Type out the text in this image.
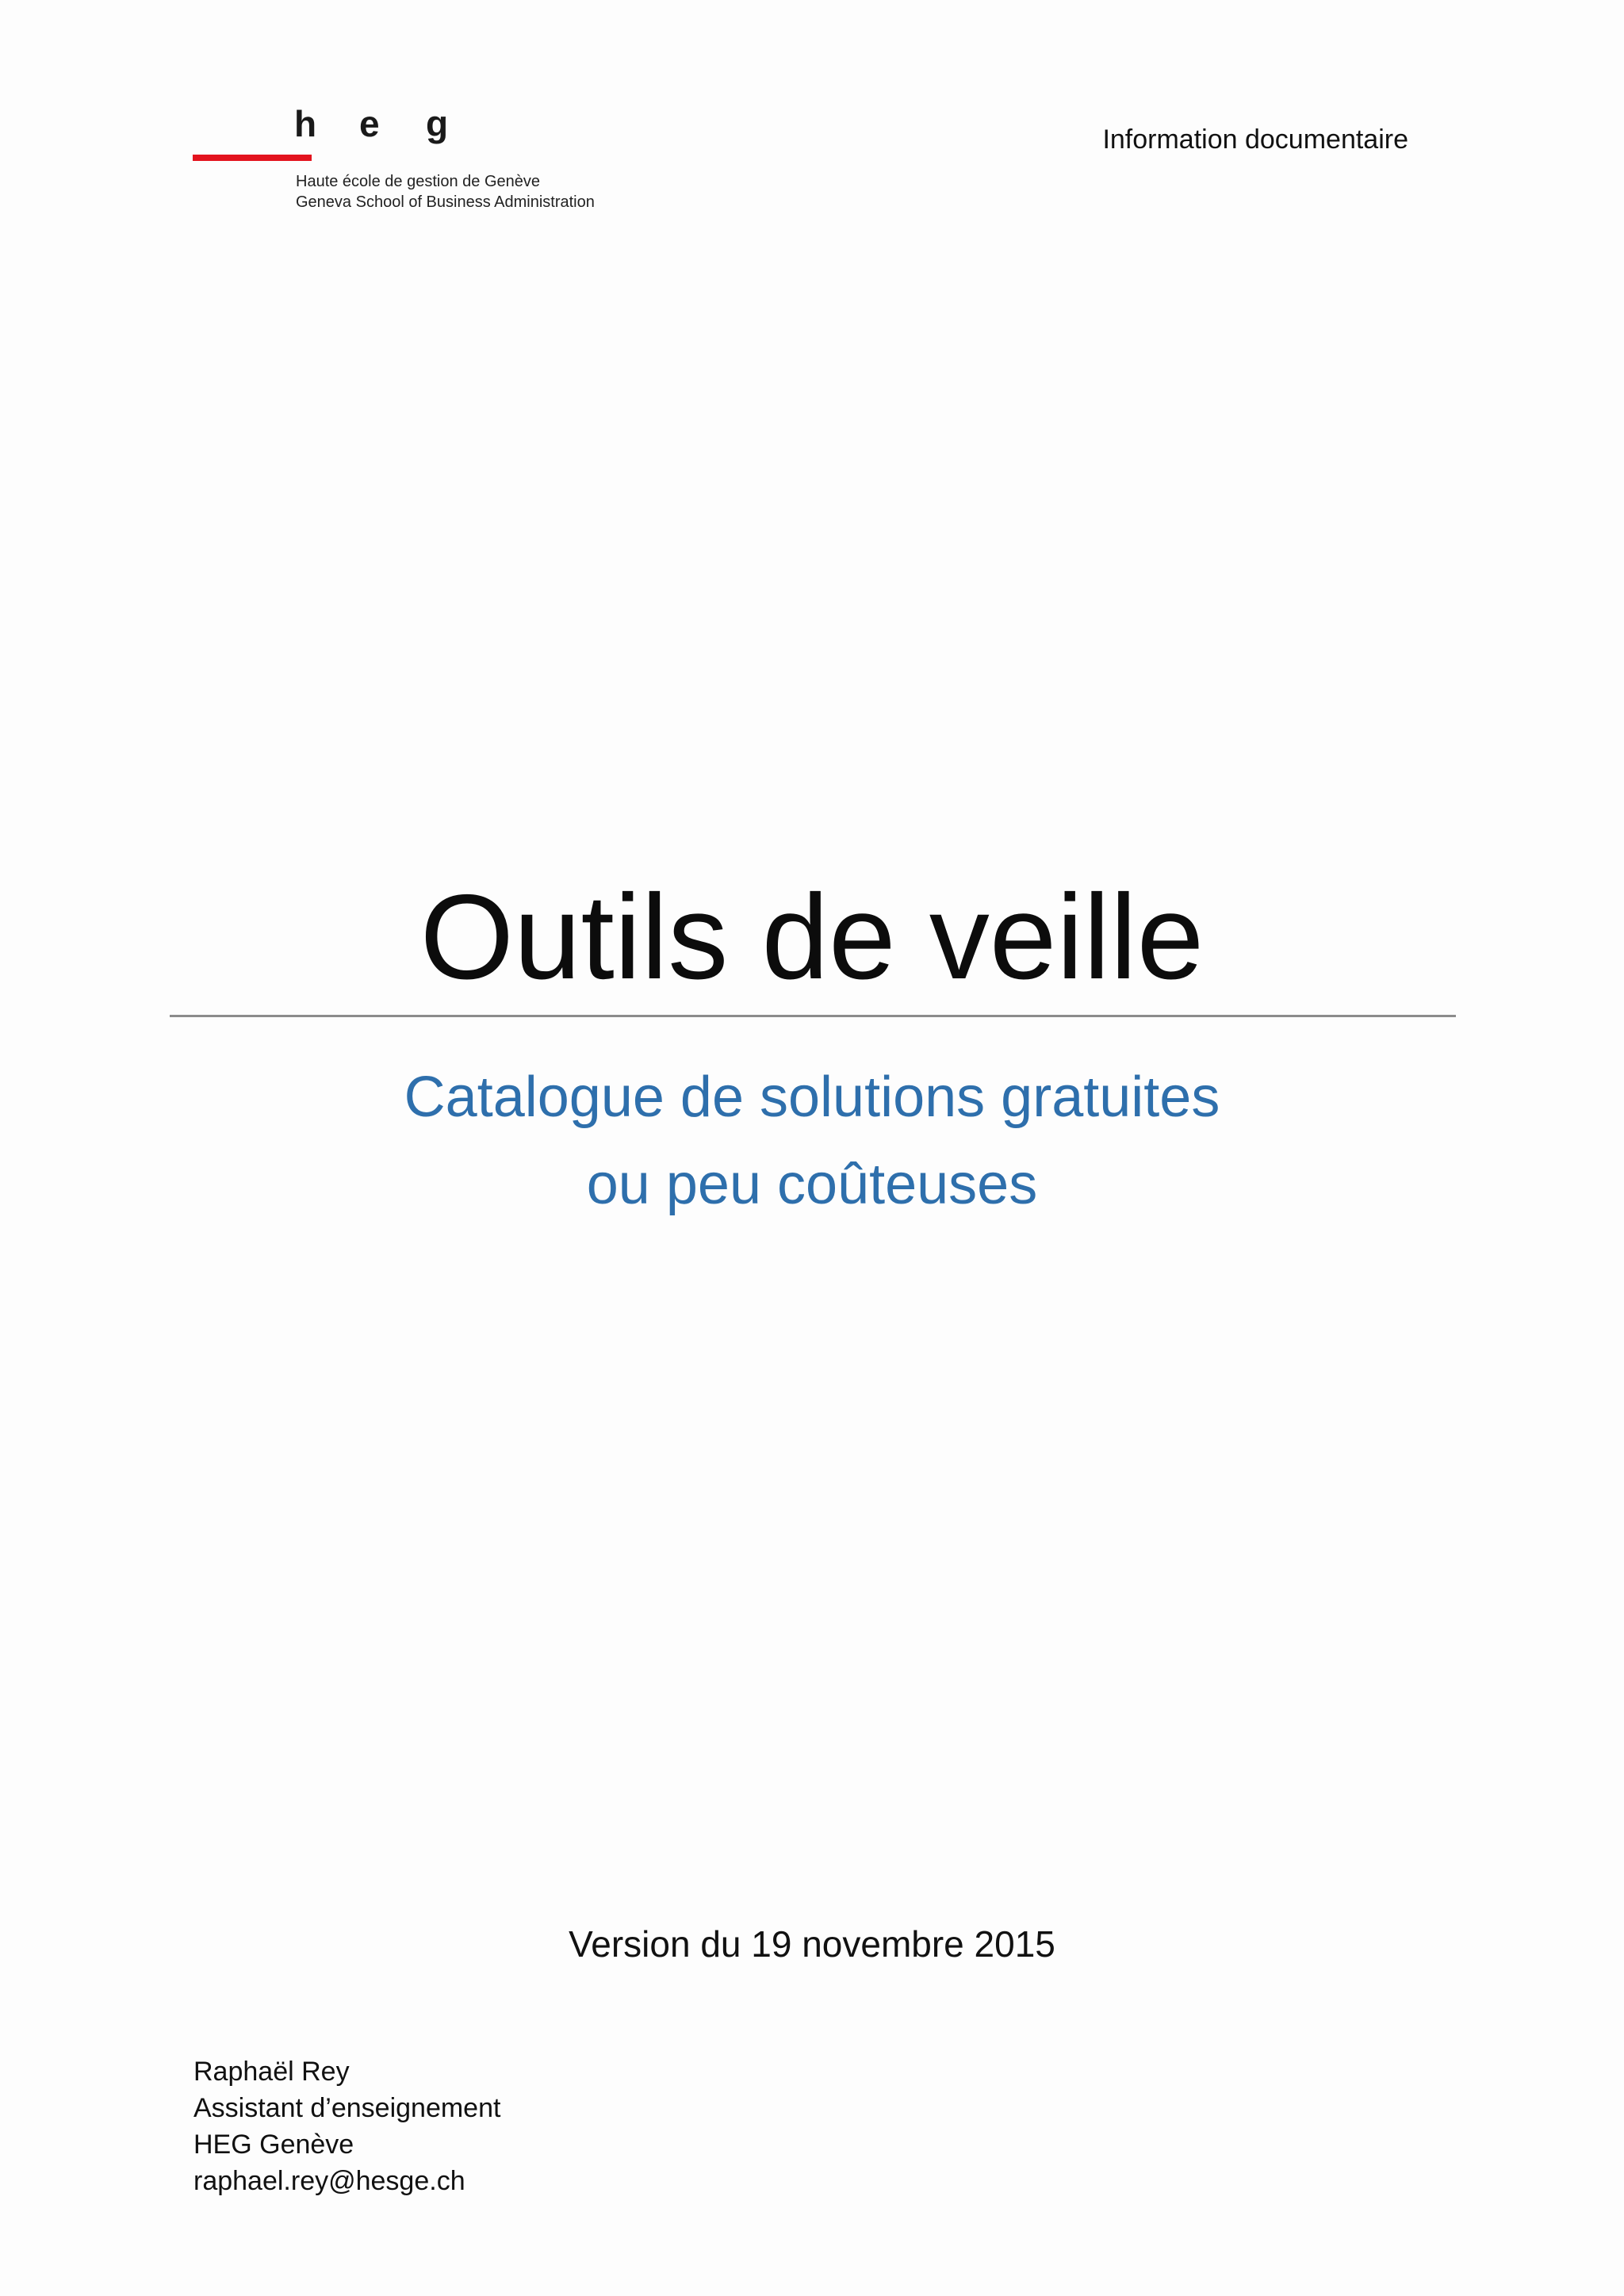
h e g
Haute école de gestion de Genève
Geneva School of Business Administration
Information documentaire
Outils de veille
Catalogue de solutions gratuites
ou peu coûteuses
Version du 19 novembre 2015
Raphaël Rey
Assistant d’enseignement
HEG Genève
raphael.rey@hesge.ch
